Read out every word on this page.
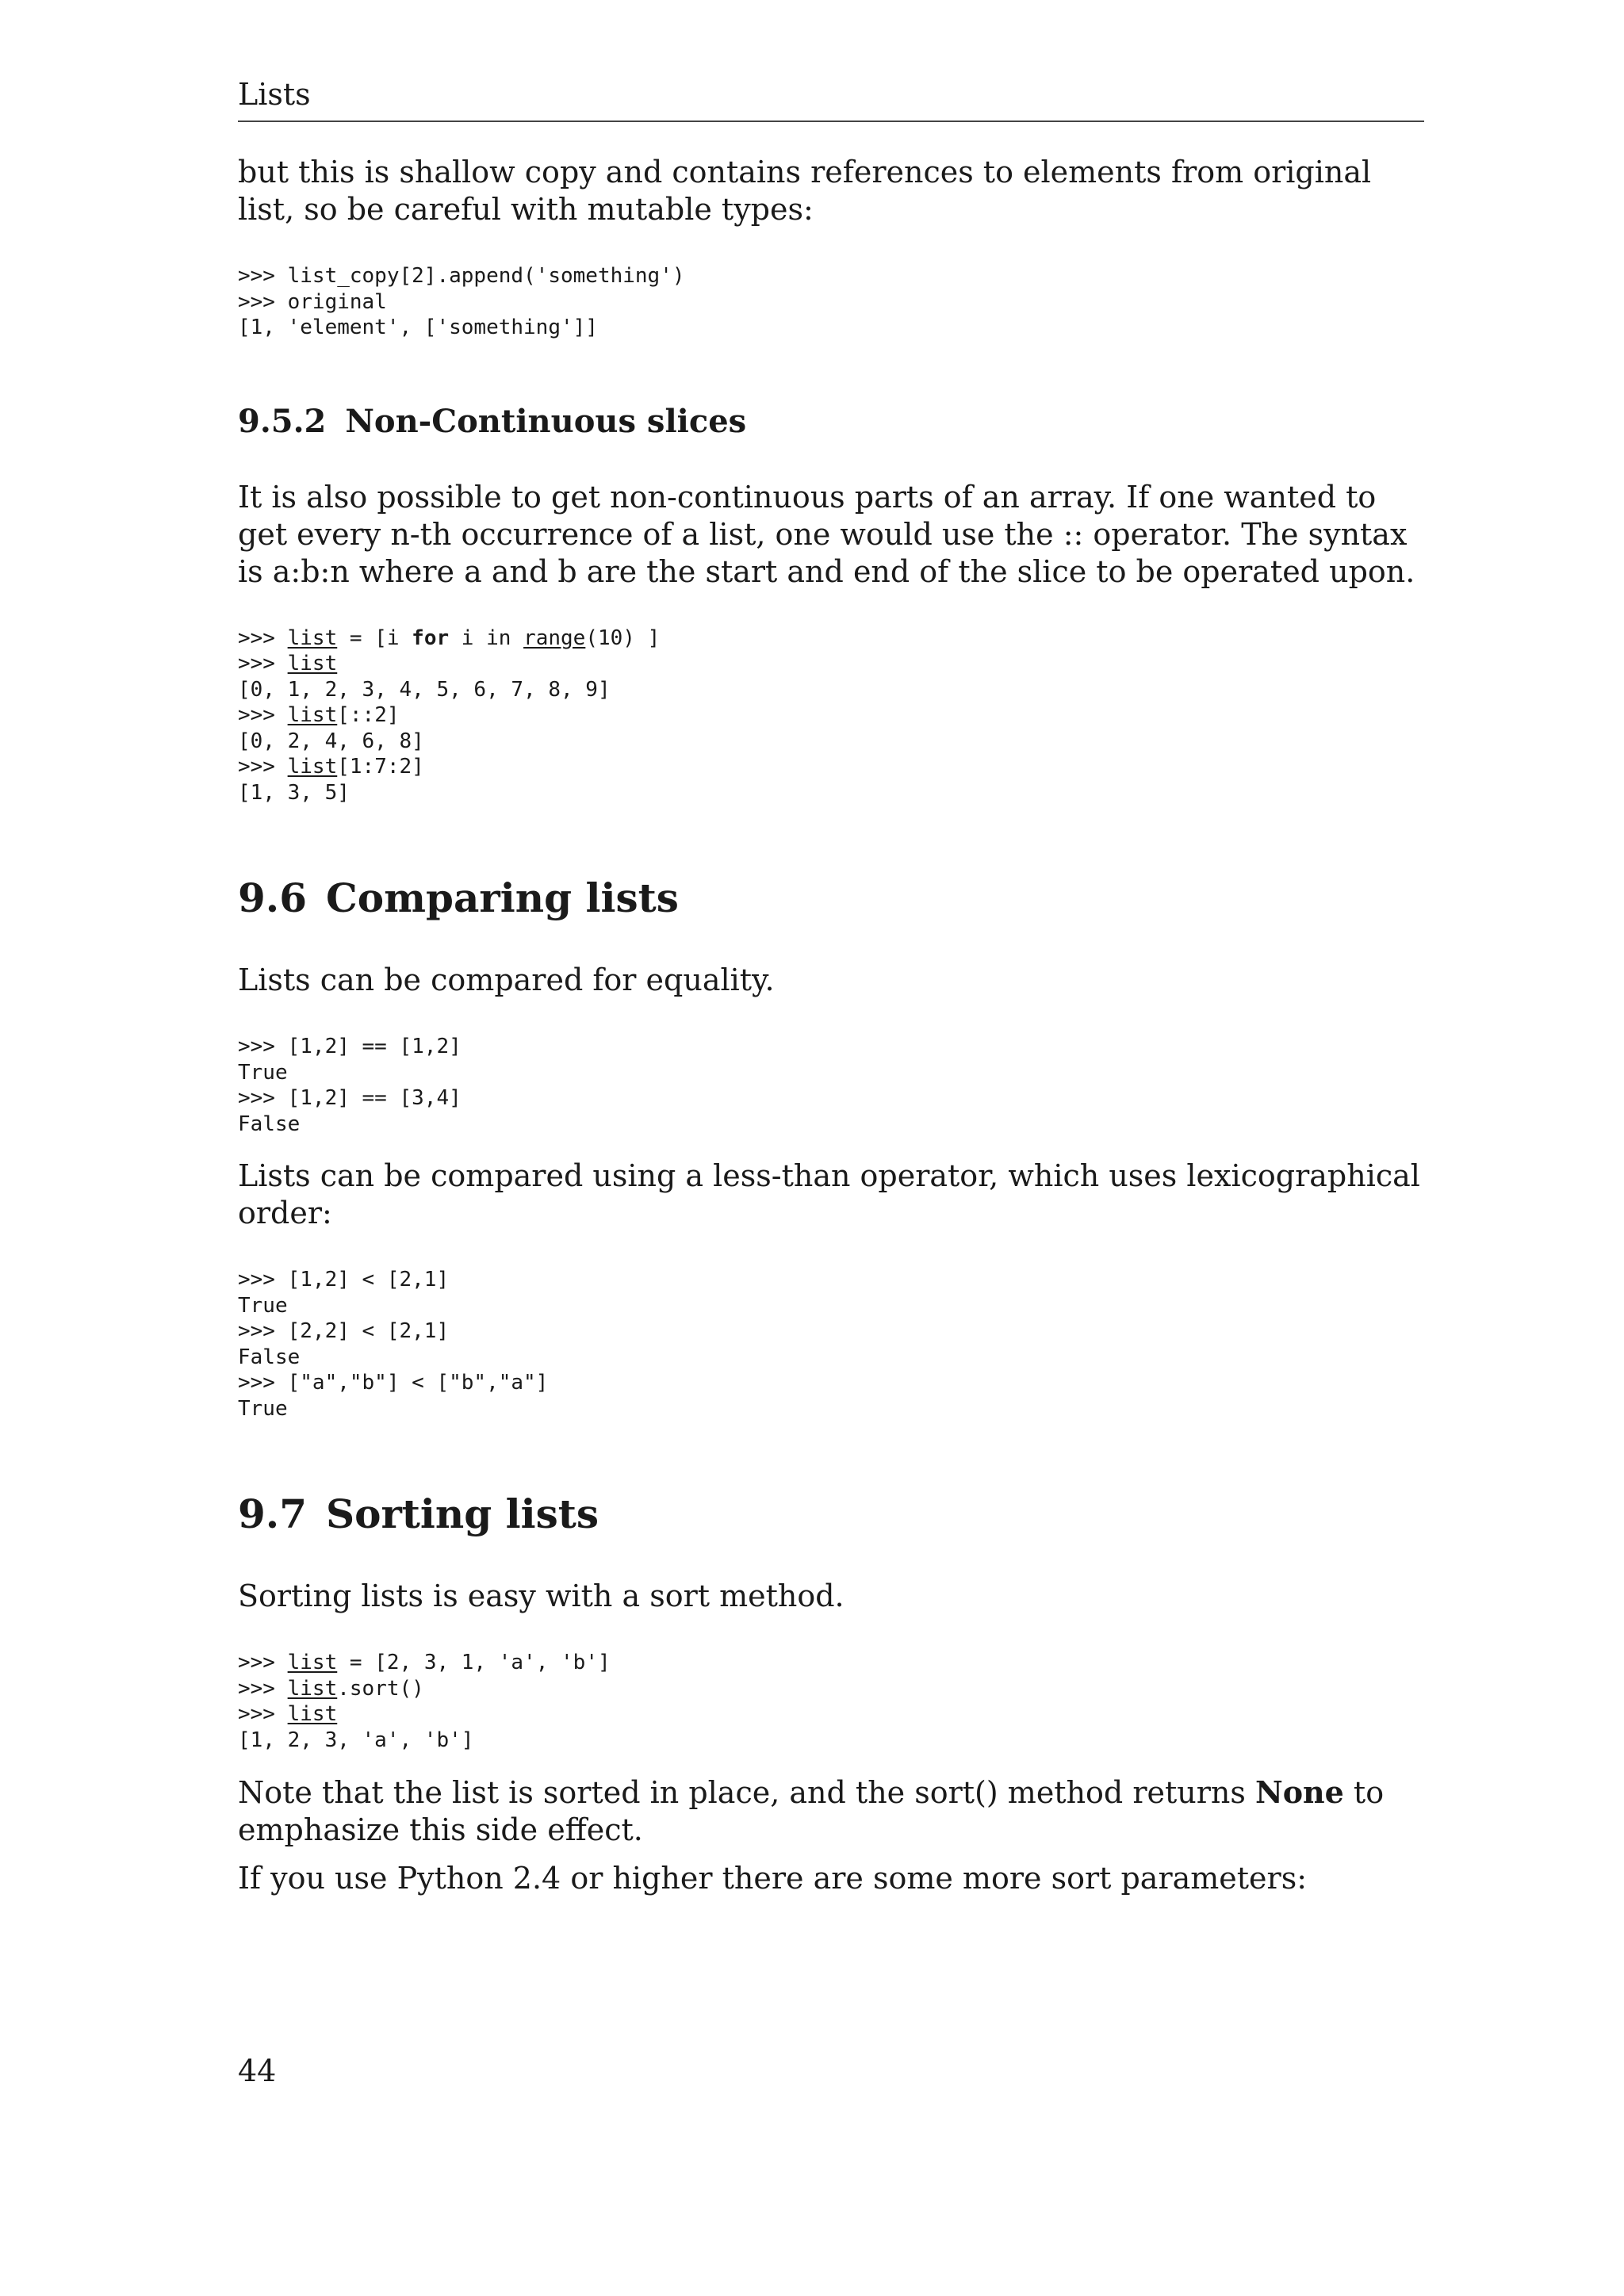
Lists

but this is shallow copy and contains references to elements from original list, so be careful with mutable types:

>>> list_copy[2].append('something')
>>> original
[1, 'element', ['something']]
9.5.2 Non-Continuous slices

It is also possible to get non-continuous parts of an array. If one wanted to get every n-th occurrence of a list, one would use the :: operator. The syntax is a:b:n where a and b are the start and end of the slice to be operated upon.

>>> list = [i for i in range(10) ]
>>> list
[0, 1, 2, 3, 4, 5, 6, 7, 8, 9]
>>> list[::2]
[0, 2, 4, 6, 8]
>>> list[1:7:2]
[1, 3, 5]
9.6 Comparing lists

Lists can be compared for equality.

>>> [1,2] == [1,2]
True
>>> [1,2] == [3,4]
False

Lists can be compared using a less-than operator, which uses lexicographical order:

>>> [1,2] < [2,1]
True
>>> [2,2] < [2,1]
False
>>> ["a","b"] < ["b","a"]
True
9.7 Sorting lists

Sorting lists is easy with a sort method.

>>> list = [2, 3, 1, 'a', 'b']
>>> list.sort()
>>> list
[1, 2, 3, 'a', 'b']

Note that the list is sorted in place, and the sort() method returns None to emphasize this side effect.

If you use Python 2.4 or higher there are some more sort parameters:

44
